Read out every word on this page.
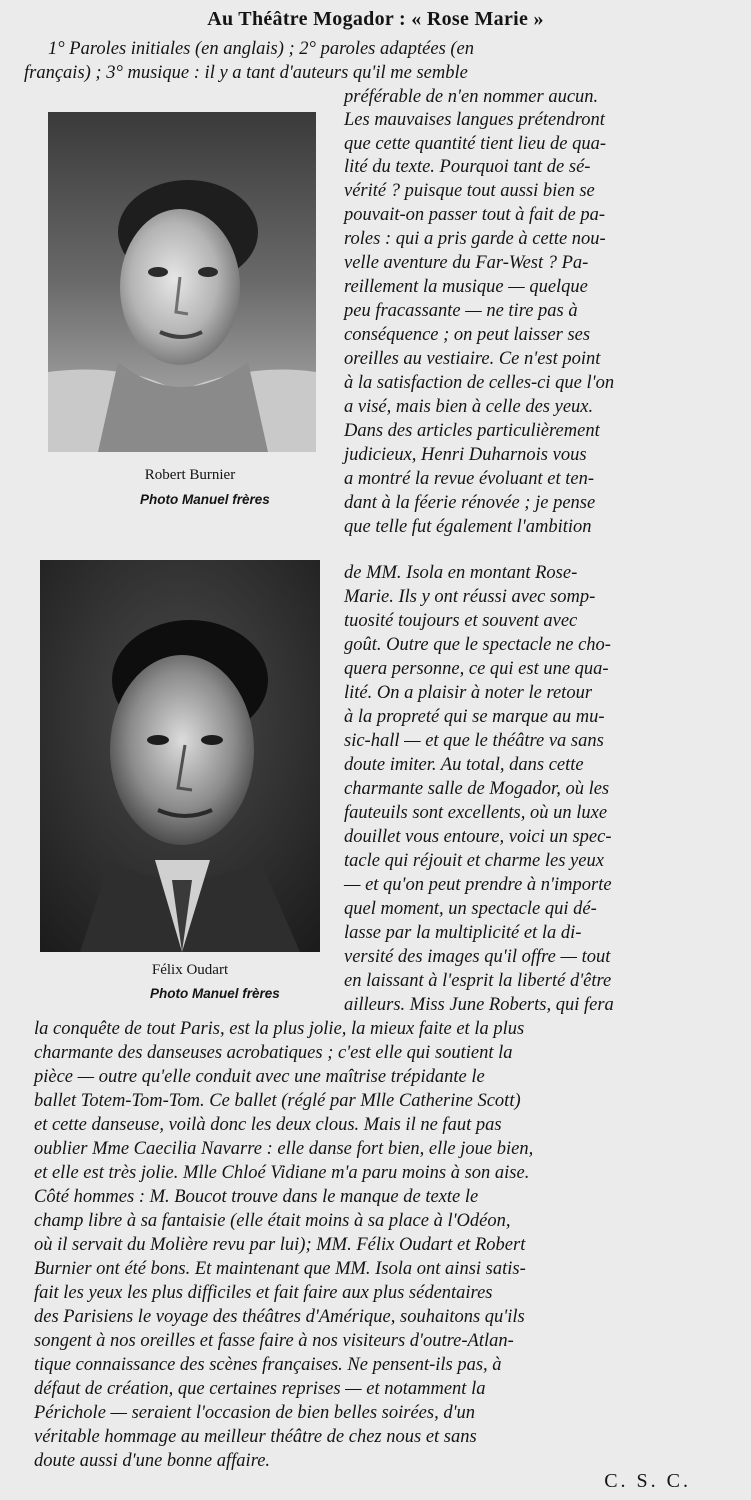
Au Théâtre Mogador : « Rose Marie »
1° Paroles initiales (en anglais) ; 2° paroles adaptées (en
français) ; 3° musique : il y a tant d'auteurs qu'il me semble
préférable de n'en nommer aucun.
Les mauvaises langues prétendront
que cette quantité tient lieu de qua-
lité du texte. Pourquoi tant de sé-
vérité ? puisque tout aussi bien se
pouvait-on passer tout à fait de pa-
roles : qui a pris garde à cette nou-
velle aventure du Far-West ? Pa-
reillement la musique — quelque
peu fracassante — ne tire pas à
conséquence ; on peut laisser ses
oreilles au vestiaire. Ce n'est point
à la satisfaction de celles-ci que l'on
a visé, mais bien à celle des yeux.
Dans des articles particulièrement
judicieux, Henri Duharnois vous
a montré la revue évoluant et ten-
dant à la féerie rénovée ; je pense
que telle fut également l'ambition
de MM. Isola en montant Rose-
Marie. Ils y ont réussi avec somp-
tuosité toujours et souvent avec
goût. Outre que le spectacle ne cho-
quera personne, ce qui est une qua-
lité. On a plaisir à noter le retour
à la propreté qui se marque au mu-
sic-hall — et que le théâtre va sans
doute imiter. Au total, dans cette
charmante salle de Mogador, où les
fauteuils sont excellents, où un luxe
douillet vous entoure, voici un spec-
tacle qui réjouit et charme les yeux
— et qu'on peut prendre à n'importe
quel moment, un spectacle qui dé-
lasse par la multiplicité et la di-
versité des images qu'il offre — tout
en laissant à l'esprit la liberté d'être
ailleurs. Miss June Roberts, qui fera
la conquête de tout Paris, est la plus jolie, la mieux faite et la plus
charmante des danseuses acrobatiques ; c'est elle qui soutient la
pièce — outre qu'elle conduit avec une maîtrise trépidante le
ballet Totem-Tom-Tom. Ce ballet (réglé par Mlle Catherine Scott)
et cette danseuse, voilà donc les deux clous. Mais il ne faut pas
oublier Mme Caecilia Navarre : elle danse fort bien, elle joue bien,
et elle est très jolie. Mlle Chloé Vidiane m'a paru moins à son aise.
Côté hommes : M. Boucot trouve dans le manque de texte le
champ libre à sa fantaisie (elle était moins à sa place à l'Odéon,
où il servait du Molière revu par lui); MM. Félix Oudart et Robert
Burnier ont été bons. Et maintenant que MM. Isola ont ainsi satis-
fait les yeux les plus difficiles et fait faire aux plus sédentaires
des Parisiens le voyage des théâtres d'Amérique, souhaitons qu'ils
songent à nos oreilles et fasse faire à nos visiteurs d'outre-Atlan-
tique connaissance des scènes françaises. Ne pensent-ils pas, à
défaut de création, que certaines reprises — et notamment la
Périchole — seraient l'occasion de bien belles soirées, d'un
véritable hommage au meilleur théâtre de chez nous et sans
doute aussi d'une bonne affaire.
Robert Burnier
Photo Manuel frères
Félix Oudart
Photo Manuel frères
C. S. C.
